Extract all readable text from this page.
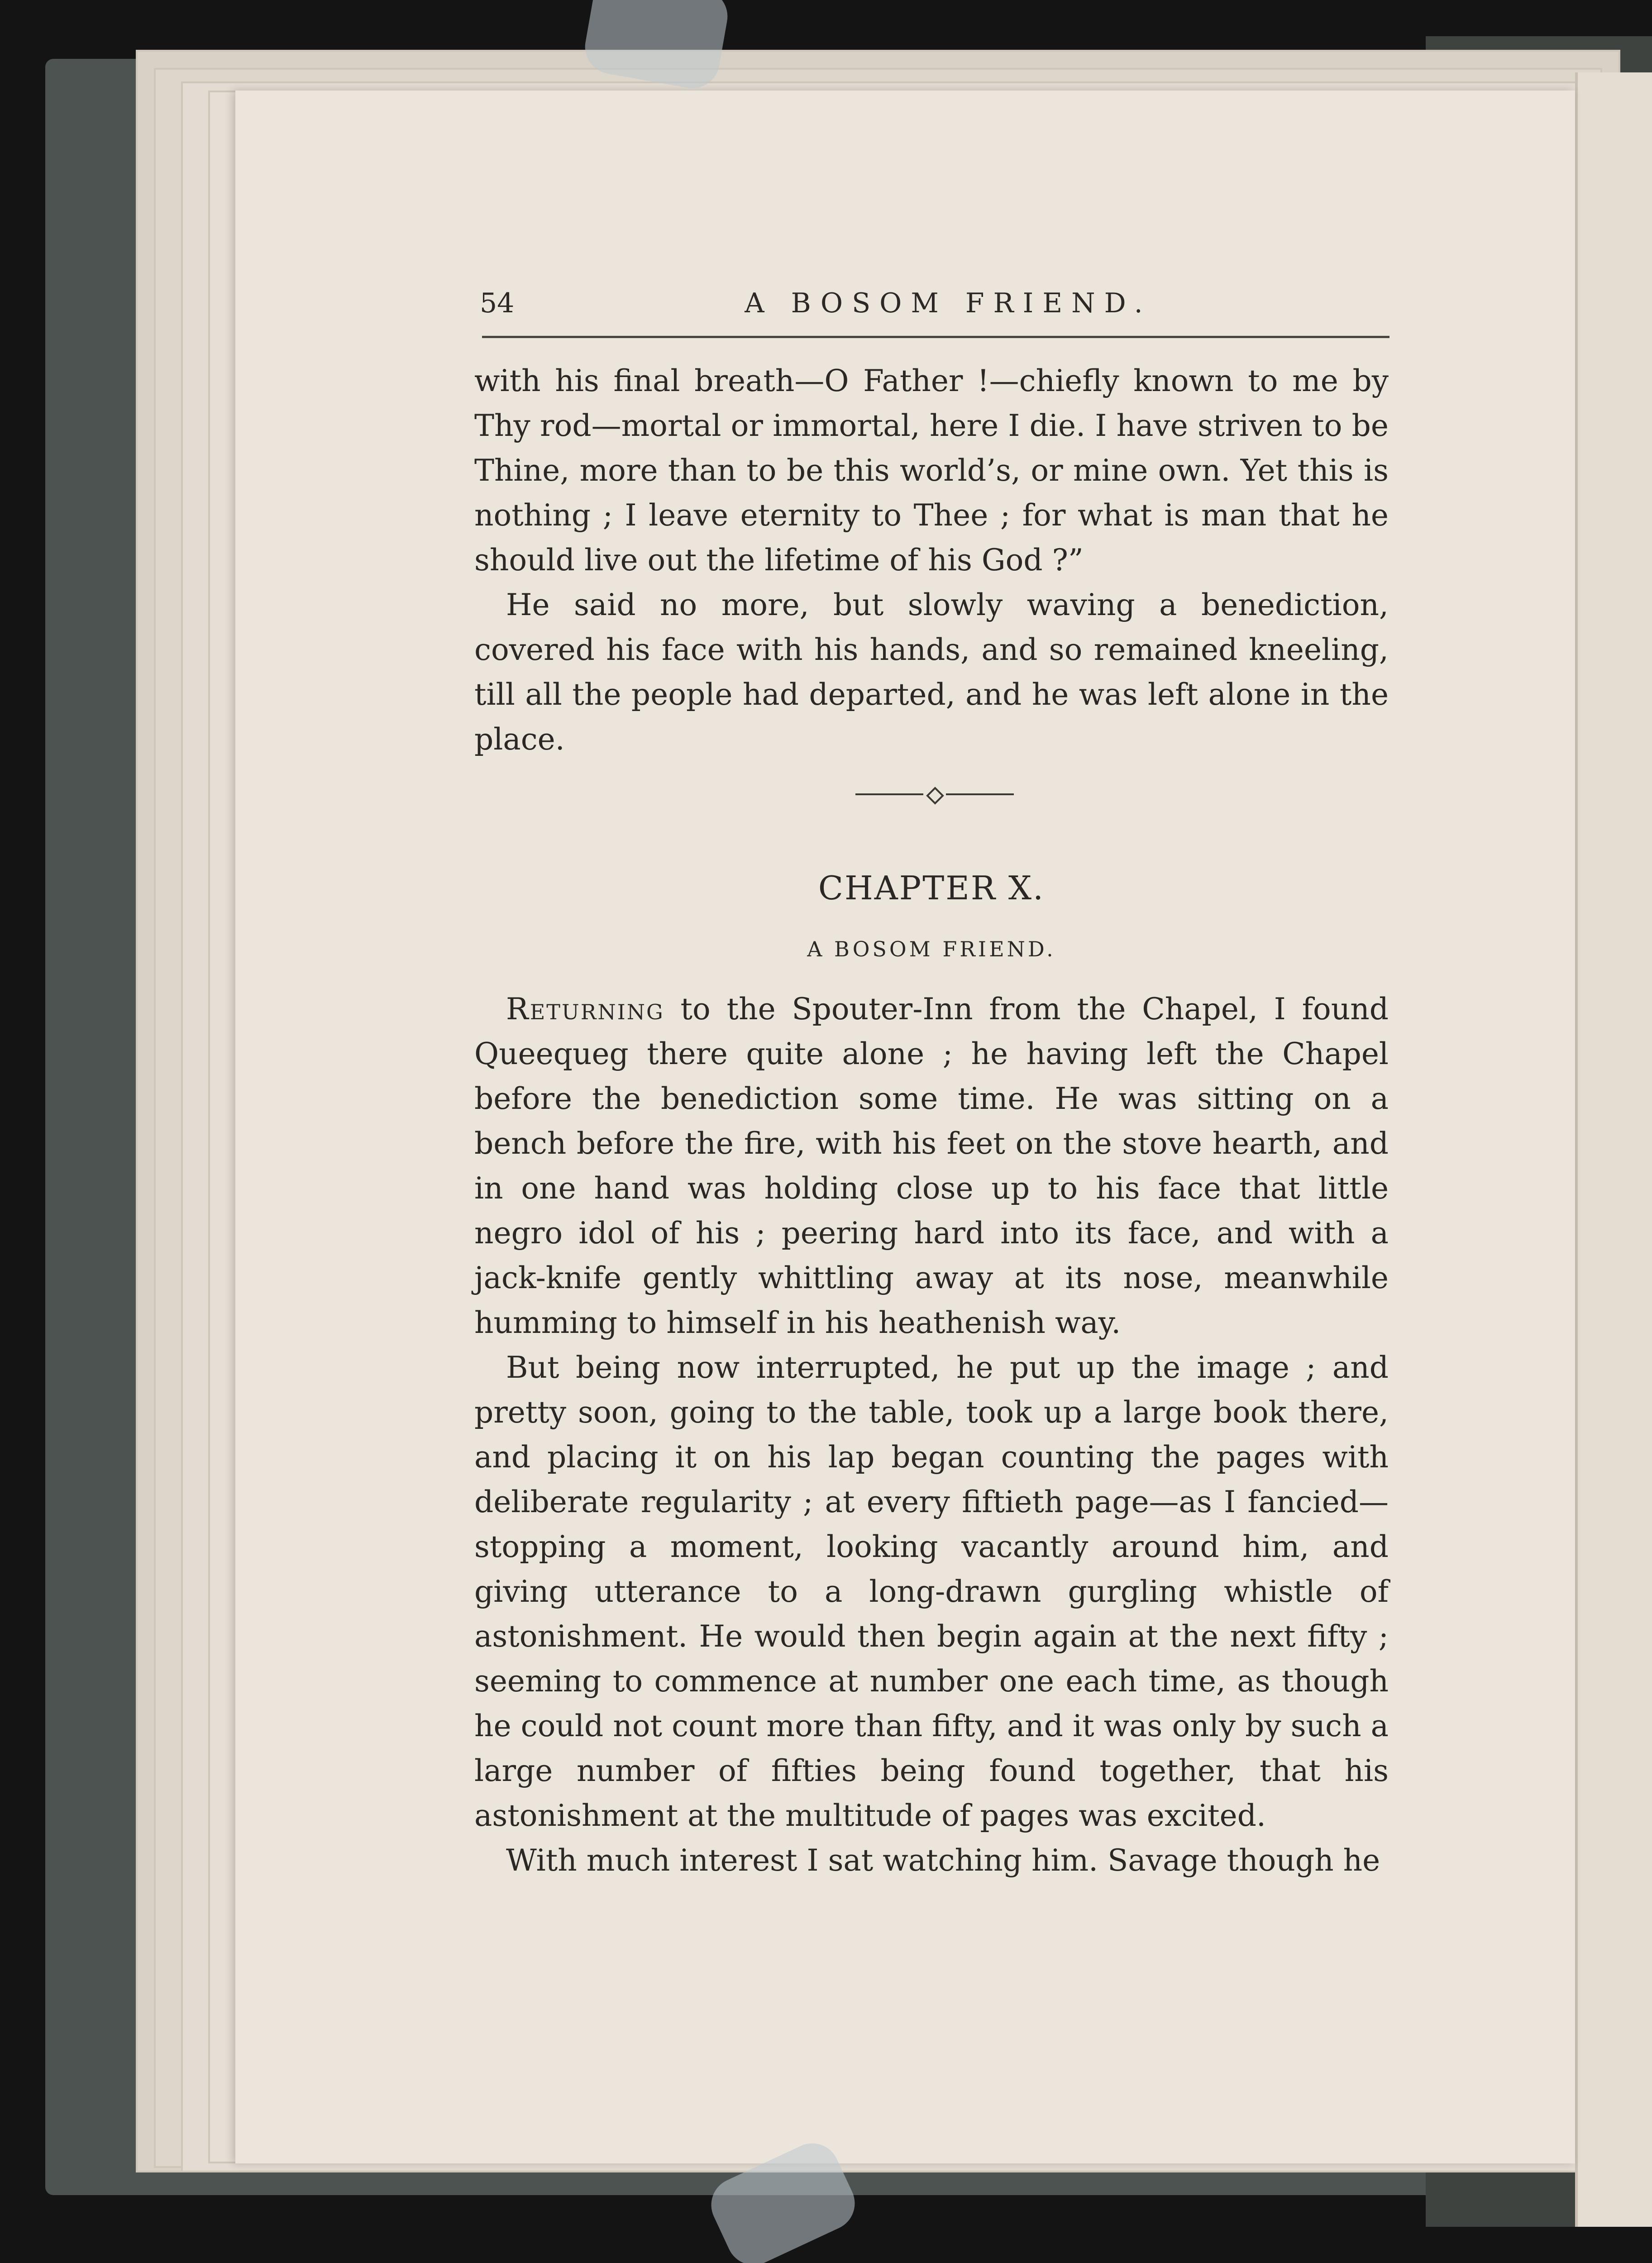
54	A BOSOM FRIEND.

with his final breath—O Father !—chiefly known to me by Thy rod—mortal or immortal, here I die. I have striven to be Thine, more than to be this world’s, or mine own. Yet this is nothing ; I leave eternity to Thee ; for what is man that he should live out the lifetime of his God ?”

He said no more, but slowly waving a benediction, covered his face with his hands, and so remained kneeling, till all the people had departed, and he was left alone in the place.

CHAPTER X.
A BOSOM FRIEND.

Returning to the Spouter-Inn from the Chapel, I found Queequeg there quite alone ; he having left the Chapel before the benediction some time. He was sitting on a bench before the fire, with his feet on the stove hearth, and in one hand was holding close up to his face that little negro idol of his ; peering hard into its face, and with a jack-knife gently whittling away at its nose, meanwhile humming to himself in his heathenish way.

But being now interrupted, he put up the image ; and pretty soon, going to the table, took up a large book there, and placing it on his lap began counting the pages with deliberate regularity ; at every fiftieth page—as I fancied—stopping a moment, looking vacantly around him, and giving utterance to a long-drawn gurgling whistle of astonishment. He would then begin again at the next fifty ; seeming to commence at number one each time, as though he could not count more than fifty, and it was only by such a large number of fifties being found together, that his astonishment at the multitude of pages was excited.

With much interest I sat watching him. Savage though he
